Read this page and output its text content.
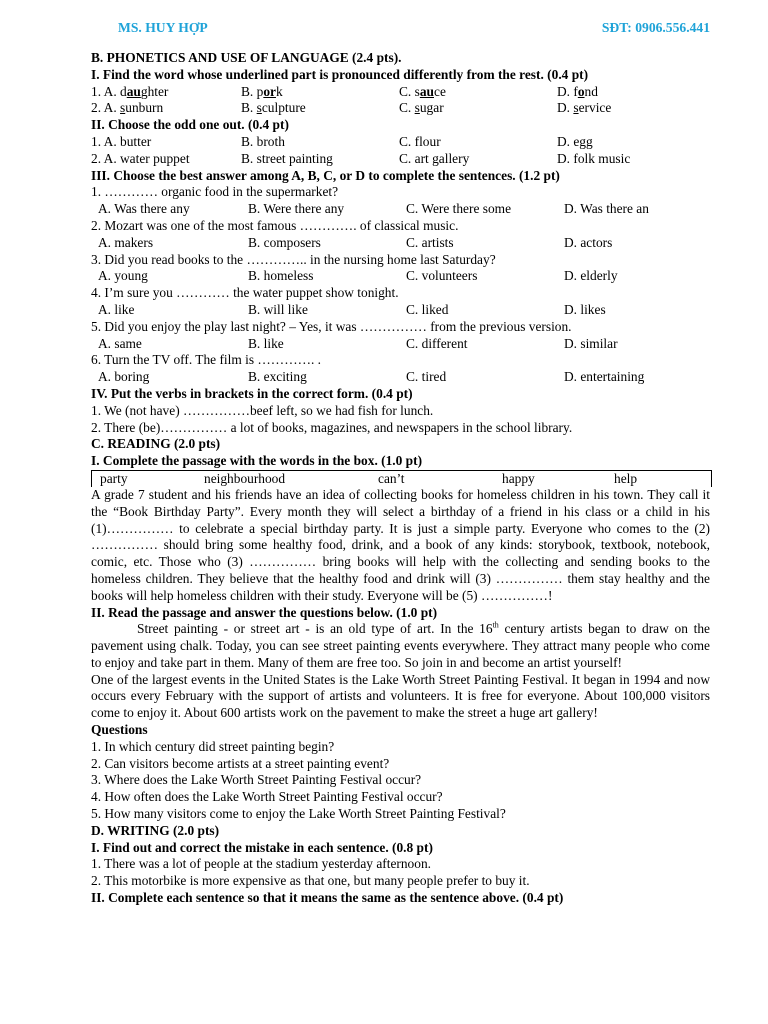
MS. HUY HỢP	SĐT: 0906.556.441
B. PHONETICS AND USE OF LANGUAGE (2.4 pts).
I. Find the word whose underlined part is pronounced differently from the rest. (0.4 pt)
1. A. daughter	B. pork	C. sauce	D. fond
2. A. sunburn	B. sculpture	C. sugar	D. service
II. Choose the odd one out. (0.4 pt)
1. A. butter	B. broth	C. flour	D. egg
2. A. water puppet	B. street painting	C. art gallery	D. folk music
III. Choose the best answer among A, B, C, or D to complete the sentences. (1.2 pt)
1. ………… organic food in the supermarket?
A. Was there any	B. Were there any	C. Were there some	D. Was there an
2. Mozart was one of the most famous …………. of classical music.
A. makers	B. composers	C. artists	D. actors
3. Did you read books to the ………….. in the nursing home last Saturday?
A. young	B. homeless	C. volunteers	D. elderly
4. I’m sure you ………… the water puppet show tonight.
A. like	B. will like	C. liked	D. likes
5. Did you enjoy the play last night? – Yes, it was …………… from the previous version.
A. same	B. like	C. different	D. similar
6. Turn the TV off. The film is …………. .
A. boring	B. exciting	C. tired	D. entertaining
IV. Put the verbs in brackets in the correct form. (0.4 pt)
1. We (not have) ……………beef left, so we had fish for lunch.
2. There (be)…………… a lot of books, magazines, and newspapers in the school library.
C. READING (2.0 pts)
I. Complete the passage with the words in the box. (1.0 pt)
party	neighbourhood	can’t	happy	help
A grade 7 student and his friends have an idea of collecting books for homeless children in his town. They call it the “Book Birthday Party”. Every month they will select a birthday of a friend in his class or a child in his (1)…………… to celebrate a special birthday party. It is just a simple party. Everyone who comes to the (2) …………… should bring some healthy food, drink, and a book of any kinds: storybook, textbook, notebook, comic, etc. Those who (3) …………… bring books will help with the collecting and sending books to the homeless children. They believe that the healthy food and drink will (3) …………… them stay healthy and the books will help homeless children with their study. Everyone will be (5) ……………!
II. Read the passage and answer the questions below. (1.0 pt)
Street painting - or street art - is an old type of art. In the 16th century artists began to draw on the pavement using chalk. Today, you can see street painting events everywhere. They attract many people who come to enjoy and take part in them. Many of them are free too. So join in and become an artist yourself!
One of the largest events in the United States is the Lake Worth Street Painting Festival. It began in 1994 and now occurs every February with the support of artists and volunteers. It is free for everyone. About 100,000 visitors come to enjoy it. About 600 artists work on the pavement to make the street a huge art gallery!
Questions
1. In which century did street painting begin?
2. Can visitors become artists at a street painting event?
3. Where does the Lake Worth Street Painting Festival occur?
4. How often does the Lake Worth Street Painting Festival occur?
5. How many visitors come to enjoy the Lake Worth Street Painting Festival?
D. WRITING (2.0 pts)
I. Find out and correct the mistake in each sentence. (0.8 pt)
1. There was a lot of people at the stadium yesterday afternoon.
2. This motorbike is more expensive as that one, but many people prefer to buy it.
II. Complete each sentence so that it means the same as the sentence above. (0.4 pt)
